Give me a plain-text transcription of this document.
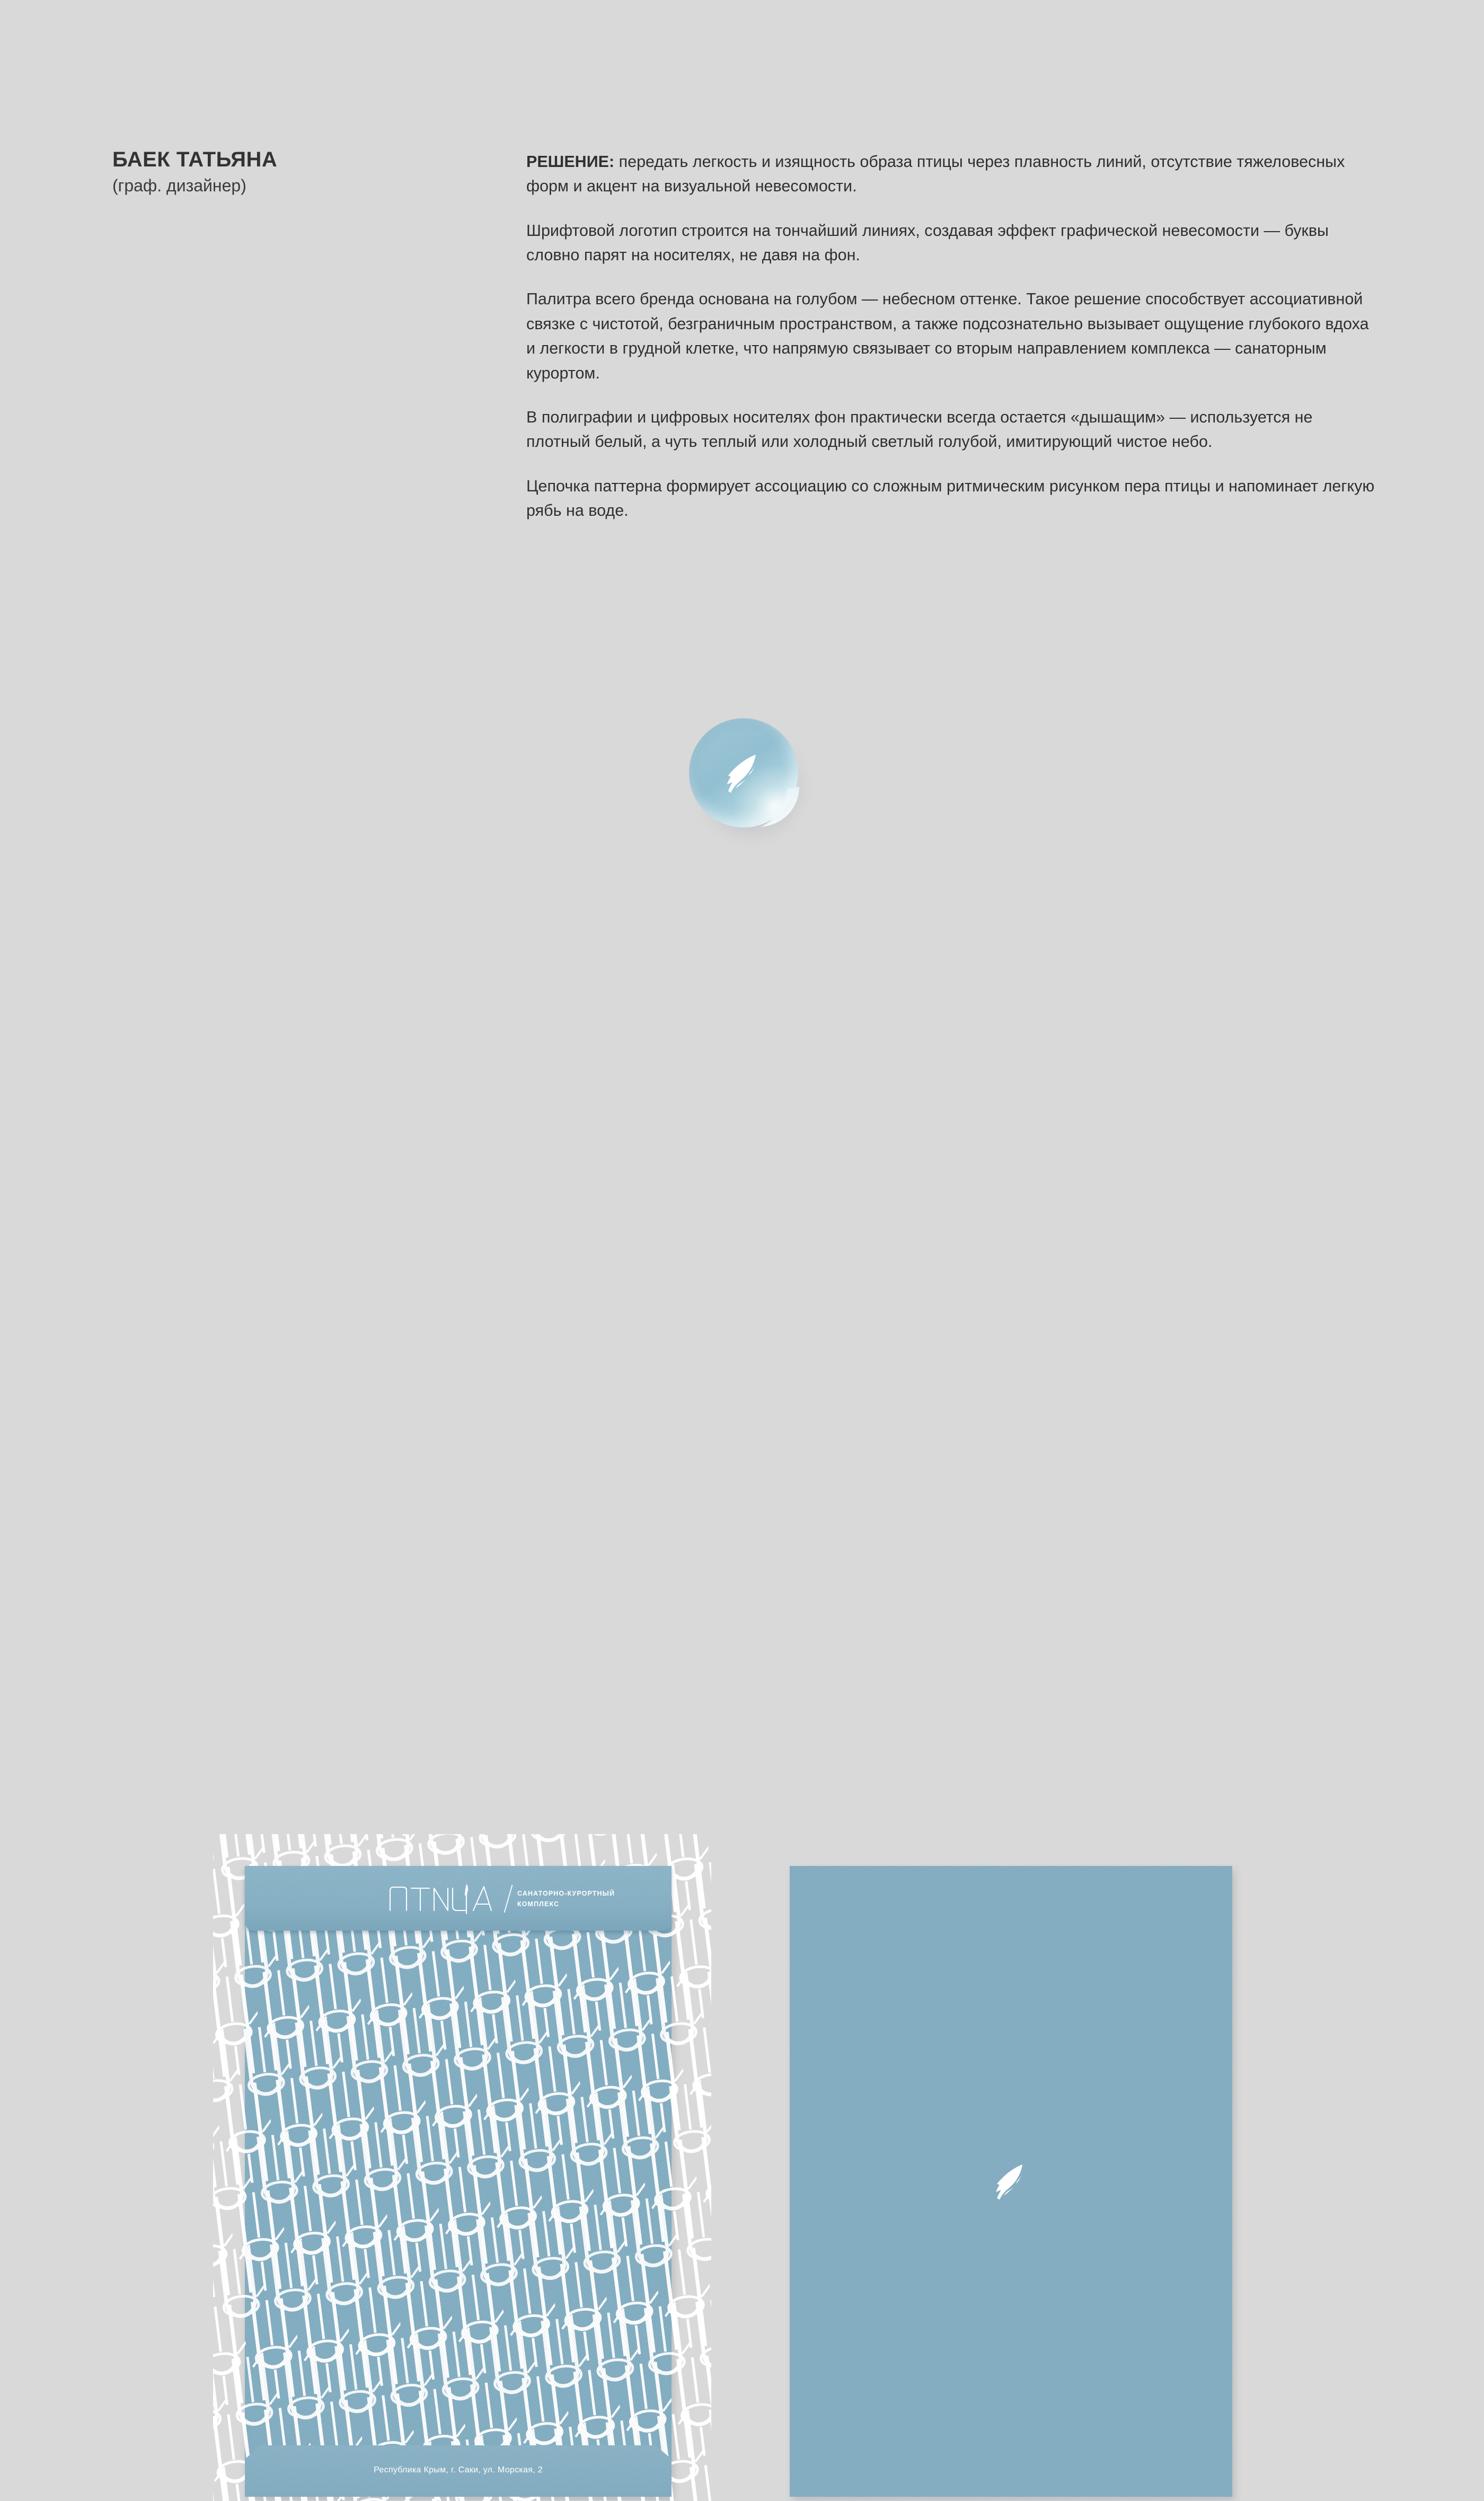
БАЕК ТАТЬЯНА
(граф. дизайнер)

РЕШЕНИЕ: передать легкость и изящность образа птицы через плавность линий, отсутствие тяжеловесных форм и акцент на визуальной невесомости.

Шрифтовой логотип строится на тончайший линиях, создавая эффект графической невесомости — буквы словно парят на носителях, не давя на фон.

Палитра всего бренда основана на голубом — небесном оттенке. Такое решение способствует ассоциативной связке с чистотой, безграничным пространством, а также подсознательно вызывает ощущение глубокого вдоха и легкости в грудной клетке, что напрямую связывает со вторым направлением комплекса — санаторным курортом.

В полиграфии и цифровых носителях фон практически всегда остается «дышащим» — используется не плотный белый, а чуть теплый или холодный светлый голубой, имитирующий чистое небо.

Цепочка паттерна формирует ассоциацию со сложным ритмическим рисунком пера птицы и напоминает легкую рябь на воде.

САНАТОРНО-КУРОРТНЫЙ
КОМПЛЕКС
Республика Крым, г. Саки, ул. Морская, 2
